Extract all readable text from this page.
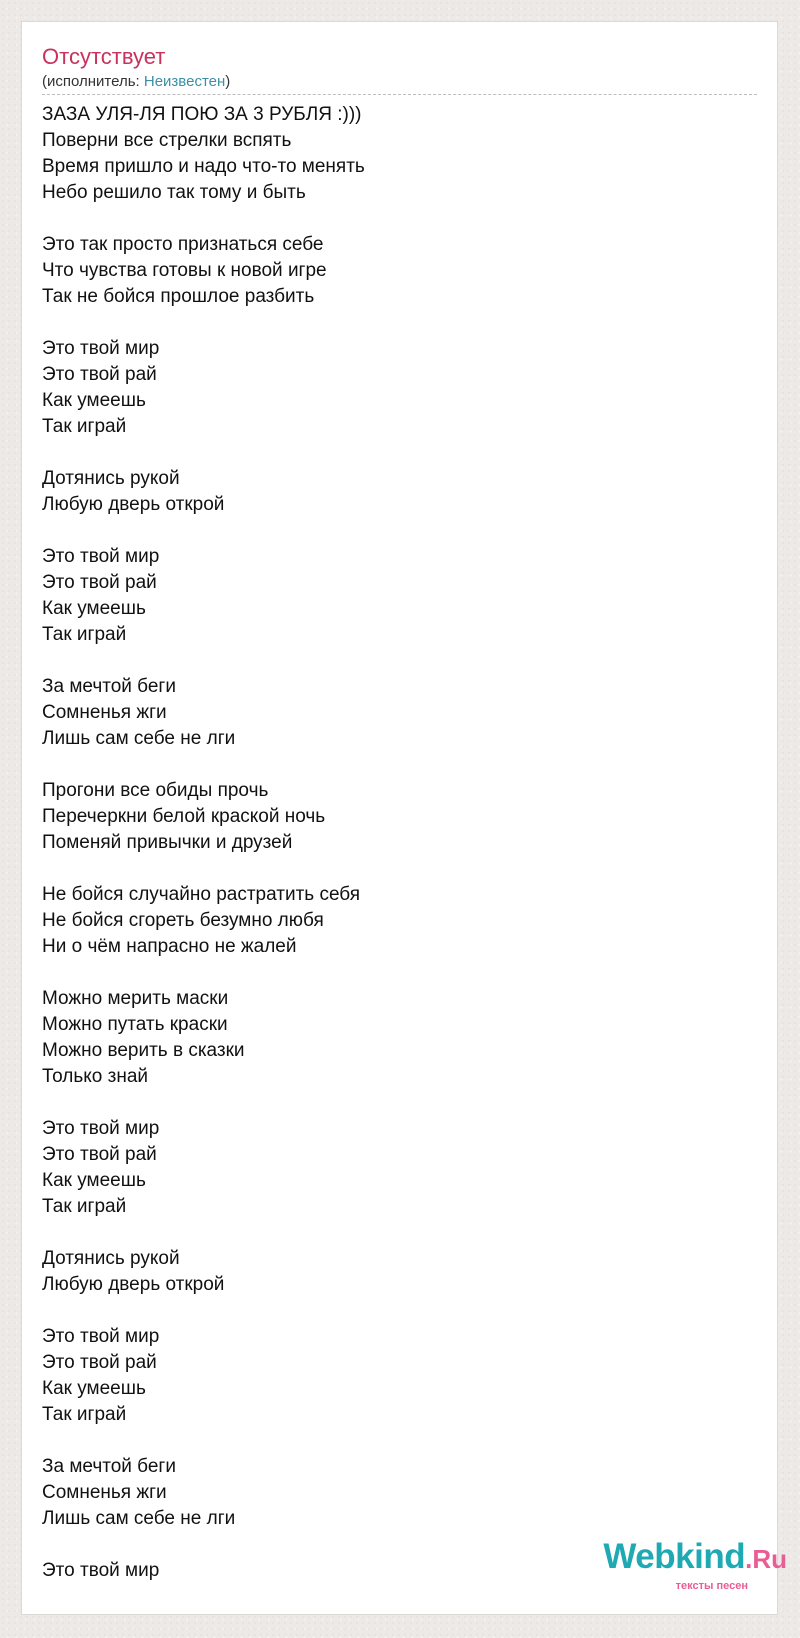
Отсутствует
(исполнитель: Неизвестен)
ЗАЗА УЛЯ-ЛЯ ПОЮ ЗА 3 РУБЛЯ :)))
Поверни все стрелки вспять
Время пришло и надо что-то менять
Небо решило так тому и быть
Это так просто признаться себе
Что чувства готовы к новой игре
Так не бойся прошлое разбить
Это твой мир
Это твой рай
Как умеешь
Так играй
Дотянись рукой
Любую дверь открой
Это твой мир
Это твой рай
Как умеешь
Так играй
За мечтой беги
Сомненья жги
Лишь сам себе не лги
Прогони все обиды прочь
Перечеркни белой краской ночь
Поменяй привычки и друзей
Не бойся случайно растратить себя
Не бойся сгореть безумно любя
Ни о чём напрасно не жалей
Можно мерить маски
Можно путать краски
Можно верить в сказки
Только знай
Это твой мир
Это твой рай
Как умеешь
Так играй
Дотянись рукой
Любую дверь открой
Это твой мир
Это твой рай
Как умеешь
Так играй
За мечтой беги
Сомненья жги
Лишь сам себе не лги
Это твой мир	Webkind.Ru
тексты песен
